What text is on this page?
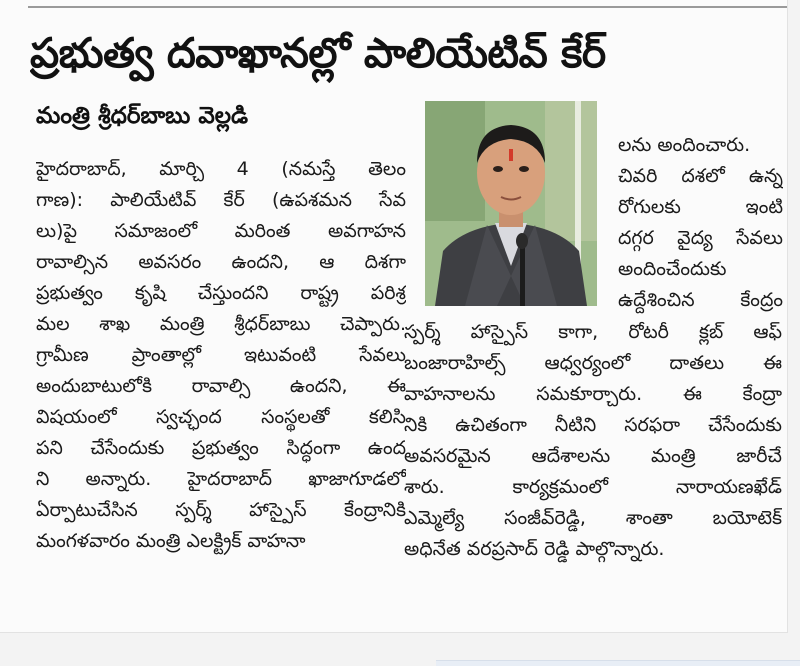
ప్రభుత్వ దవాఖానల్లో పాలియేటివ్ కేర్
మంత్రి శ్రీధర్‌బాబు వెల్లడి
హైదరాబాద్, మార్చి 4 (నమస్తే తెలం
గాణ): పాలియేటివ్ కేర్ (ఉపశమన సేవ
లు)పై సమాజంలో మరింత అవగాహన
రావాల్సిన అవసరం ఉందని, ఆ దిశగా
ప్రభుత్వం కృషి చేస్తుందని రాష్ట్ర పరిశ్ర
మల శాఖ మంత్రి శ్రీధర్‌బాబు చెప్పారు.
గ్రామీణ ప్రాంతాల్లో ఇటువంటి సేవలు
అందుబాటులోకి రావాల్సి ఉందని, ఈ
విషయంలో స్వచ్ఛంద సంస్థలతో కలిసి
పని చేసేందుకు ప్రభుత్వం సిద్ధంగా ఉంద
ని అన్నారు. హైదరాబాద్ ఖాజాగూడలో
ఏర్పాటుచేసిన స్పర్శ్ హాస్పైస్ కేంద్రానికి
మంగళవారం మంత్రి ఎలక్ట్రిక్ వాహనా
లను అందించారు.
చివరి దశలో ఉన్న
రోగులకు ఇంటి
దగ్గర వైద్య సేవలు
అందించేందుకు
ఉద్దేశించిన కేంద్రం
స్పర్శ్ హాస్పైస్ కాగా, రోటరీ క్లబ్ ఆఫ్
బంజారాహిల్స్ ఆధ్వర్యంలో దాతలు ఈ
వాహనాలను సమకూర్చారు. ఈ కేంద్రా
నికి ఉచితంగా నీటిని సరఫరా చేసేందుకు
అవసరమైన ఆదేశాలను మంత్రి జారీచే
శారు. కార్యక్రమంలో నారాయణఖేడ్
ఎమ్మెల్యే సంజీవ్‌రెడ్డి, శాంతా బయోటెక్
అధినేత వరప్రసాద్ రెడ్డి పాల్గొన్నారు.
